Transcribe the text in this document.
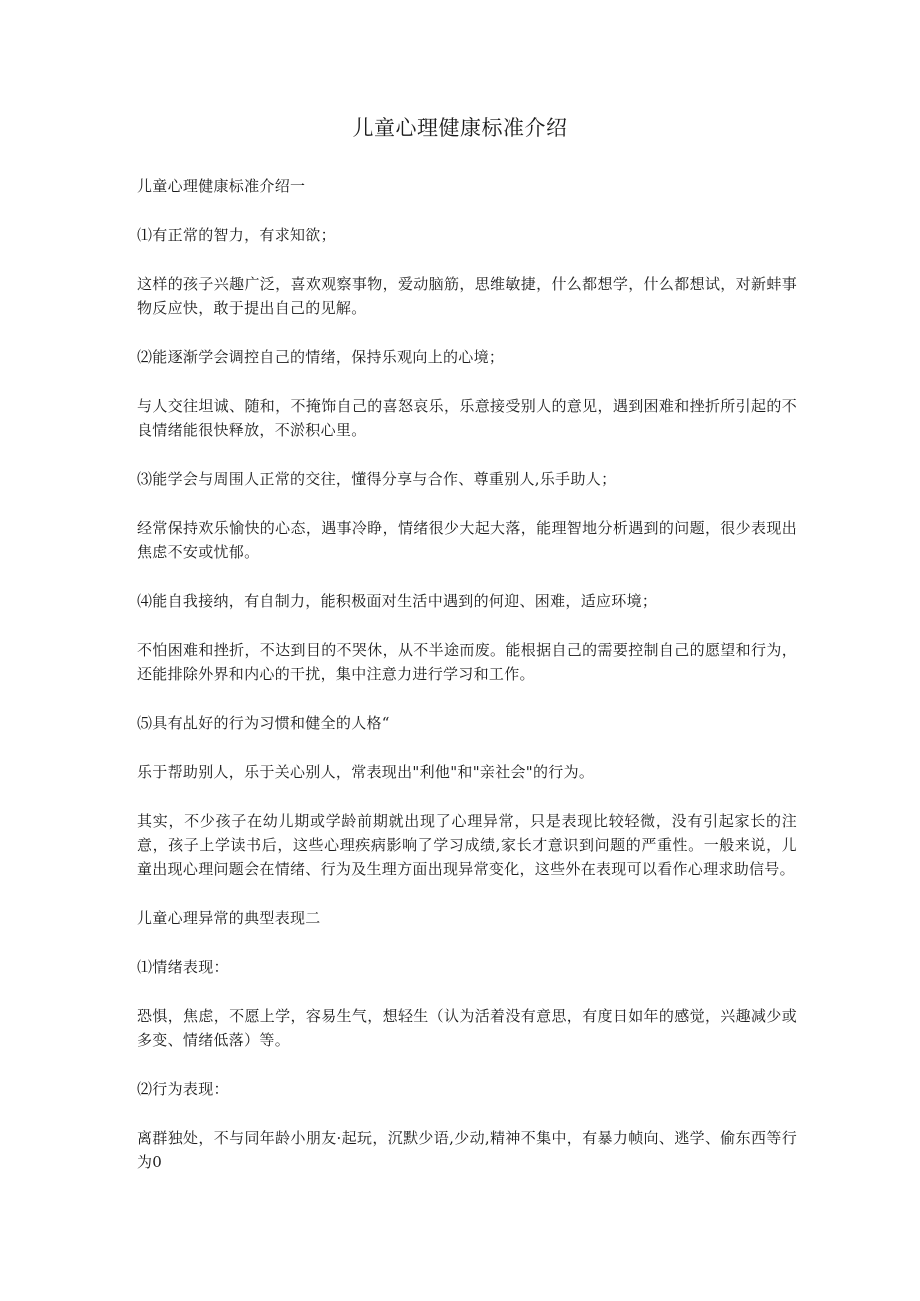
儿童心理健康标准介绍

儿童心理健康标准介绍一

⑴有正常的智力，有求知欲；

这样的孩子兴趣广泛，喜欢观察事物，爱动脑筋，思维敏捷，什么都想学，什么都想试，对新蚌事物反应快，敢于提出自己的见解。

⑵能逐渐学会调控自己的情绪，保持乐观向上的心境；

与人交往坦诚、随和，不掩饰自己的喜怒哀乐，乐意接受别人的意见，遇到困难和挫折所引起的不良情绪能很快释放，不淤积心里。

⑶能学会与周围人正常的交往，懂得分享与合作、尊重别人,乐手助人；

经常保持欢乐愉快的心态，遇事冷睁，情绪很少大起大落，能理智地分析遇到的问题，很少表现出焦虑不安或忧郁。

⑷能自我接纳，有自制力，能积极面对生活中遇到的何迎、困难，适应环境；

不怕困难和挫折，不达到目的不哭休，从不半途而废。能根据自己的需要控制自己的愿望和行为，还能排除外界和内心的干扰，集中注意力进行学习和工作。

⑸具有乩好的行为习惯和健全的人格“

乐于帮助别人，乐于关心别人，常表现出"利他"和"亲社会"的行为。

其实，不少孩子在幼儿期或学龄前期就出现了心理异常，只是表现比较轻微，没有引起家长的注意，孩子上学读书后，这些心理疾病影响了学习成绩,家长才意识到问题的严重性。一般来说，儿童出现心理问题会在情绪、行为及生理方面出现异常变化，这些外在表现可以看作心理求助信号。

儿童心理异常的典型表现二

⑴情绪表现：

恐惧，焦虑，不愿上学，容易生气，想轻生（认为活着没有意思，有度日如年的感觉，兴趣减少或多变、情绪低落）等。

⑵行为表现：

离群独处，不与同年龄小朋友·起玩，沉默少语,少动,精神不集中，有暴力帧向、逃学、偷东西等行为0
